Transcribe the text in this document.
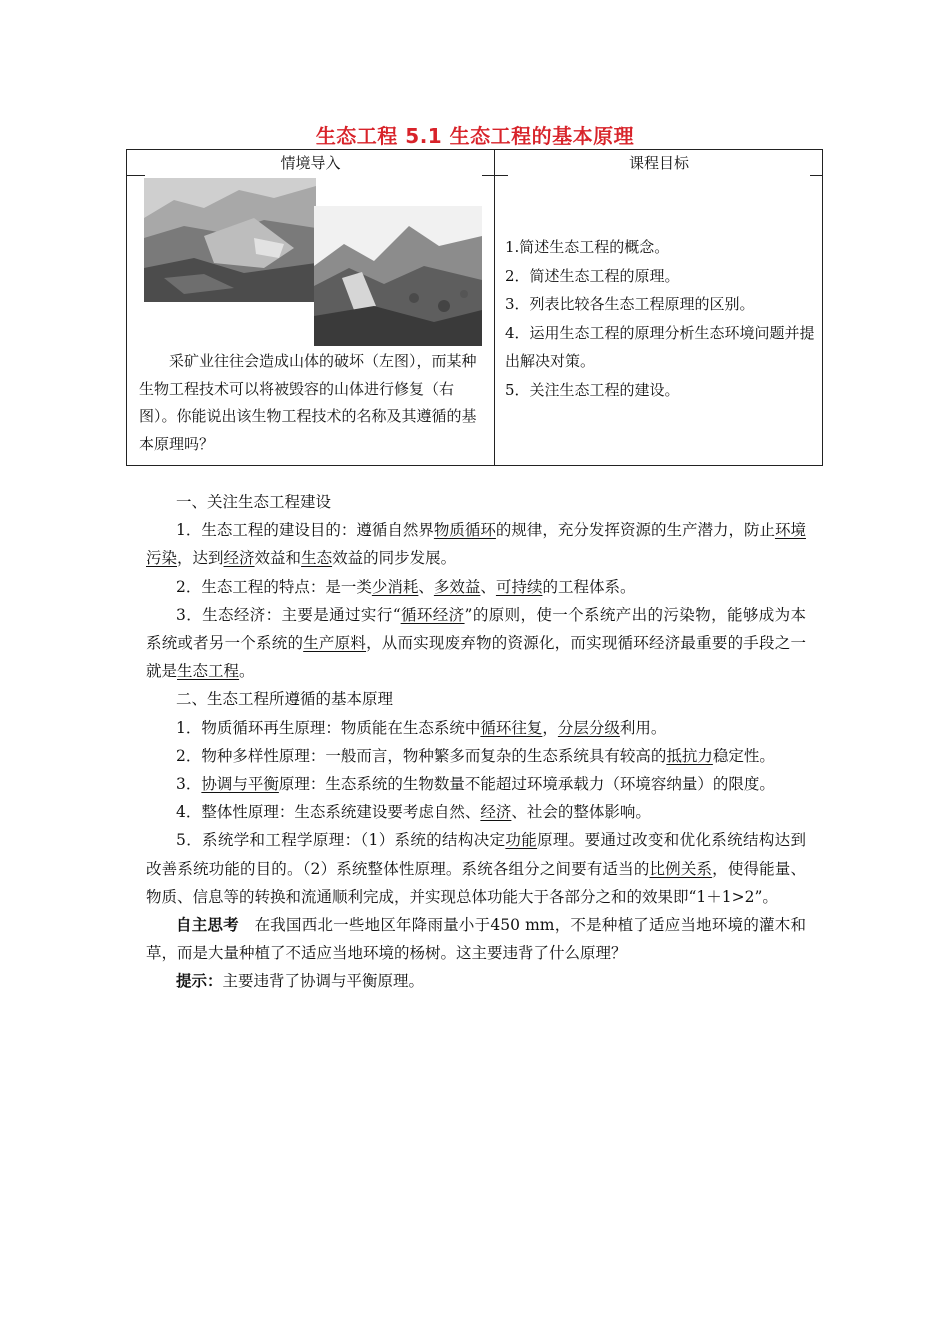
生态工程 5.1 生态工程的基本原理
情境导入	课程目标
采矿业往往会造成山体的破坏（左图），而某种生物工程技术可以将被毁容的山体进行修复（右图）。你能说出该生物工程技术的名称及其遵循的基本原理吗？
1.简述生态工程的概念。
2．简述生态工程的原理。
3．列表比较各生态工程原理的区别。
4．运用生态工程的原理分析生态环境问题并提出解决对策。
5．关注生态工程的建设。

一、关注生态工程建设

1．生态工程的建设目的：遵循自然界物质循环的规律，充分发挥资源的生产潜力，防止环境污染，达到经济效益和生态效益的同步发展。

2．生态工程的特点：是一类少消耗、多效益、可持续的工程体系。

3．生态经济：主要是通过实行“循环经济”的原则，使一个系统产出的污染物，能够成为本系统或者另一个系统的生产原料，从而实现废弃物的资源化，而实现循环经济最重要的手段之一就是生态工程。

二、生态工程所遵循的基本原理

1．物质循环再生原理：物质能在生态系统中循环往复，分层分级利用。

2．物种多样性原理：一般而言，物种繁多而复杂的生态系统具有较高的抵抗力稳定性。

3．协调与平衡原理：生态系统的生物数量不能超过环境承载力（环境容纳量）的限度。

4．整体性原理：生态系统建设要考虑自然、经济、社会的整体影响。

5．系统学和工程学原理：（1）系统的结构决定功能原理。要通过改变和优化系统结构达到改善系统功能的目的。（2）系统整体性原理。系统各组分之间要有适当的比例关系，使得能量、物质、信息等的转换和流通顺利完成，并实现总体功能大于各部分之和的效果即“1＋1>2”。

自主思考　在我国西北一些地区年降雨量小于450 mm，不是种植了适应当地环境的灌木和草，而是大量种植了不适应当地环境的杨树。这主要违背了什么原理？

提示：主要违背了协调与平衡原理。
